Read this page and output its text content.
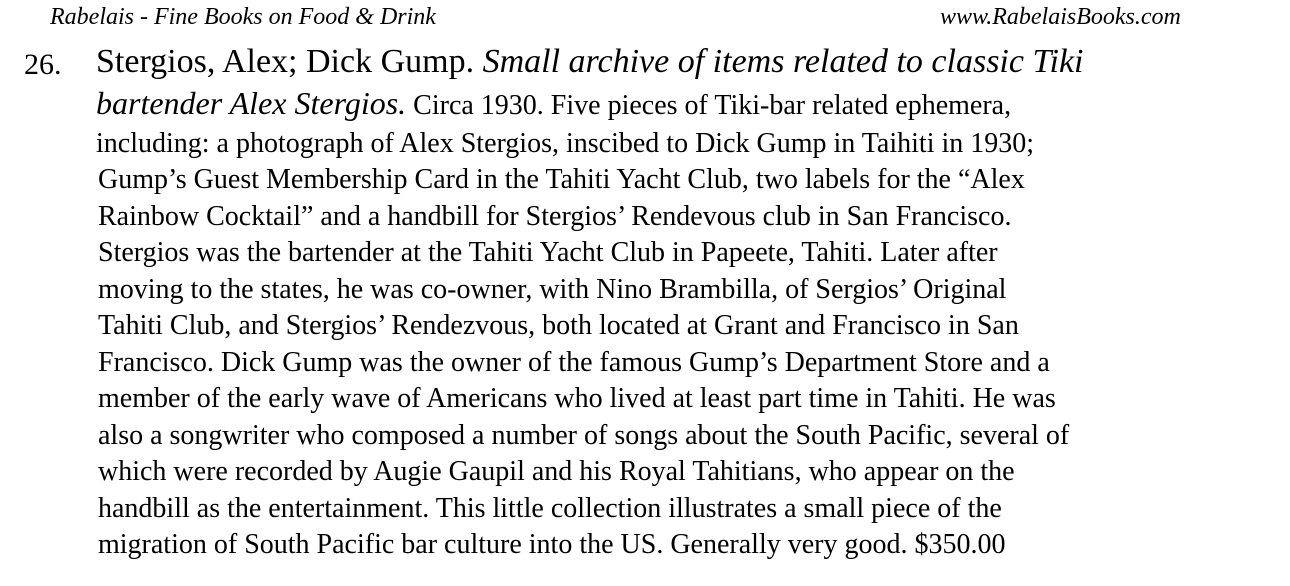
Rabelais - Fine Books on Food & Drink	www.RabelaisBooks.com
26. Stergios, Alex; Dick Gump. Small archive of items related to classic Tiki
bartender Alex Stergios. Circa 1930. Five pieces of Tiki-bar related ephemera,
including: a photograph of Alex Stergios, inscibed to Dick Gump in Taihiti in 1930;
Gump’s Guest Membership Card in the Tahiti Yacht Club, two labels for the “Alex
Rainbow Cocktail” and a handbill for Stergios’ Rendevous club in San Francisco.
Stergios was the bartender at the Tahiti Yacht Club in Papeete, Tahiti. Later after
moving to the states, he was co-owner, with Nino Brambilla, of Sergios’ Original
Tahiti Club, and Stergios’ Rendezvous, both located at Grant and Francisco in San
Francisco. Dick Gump was the owner of the famous Gump’s Department Store and a
member of the early wave of Americans who lived at least part time in Tahiti. He was
also a songwriter who composed a number of songs about the South Pacific, several of
which were recorded by Augie Gaupil and his Royal Tahitians, who appear on the
handbill as the entertainment. This little collection illustrates a small piece of the
migration of South Pacific bar culture into the US. Generally very good. $350.00
